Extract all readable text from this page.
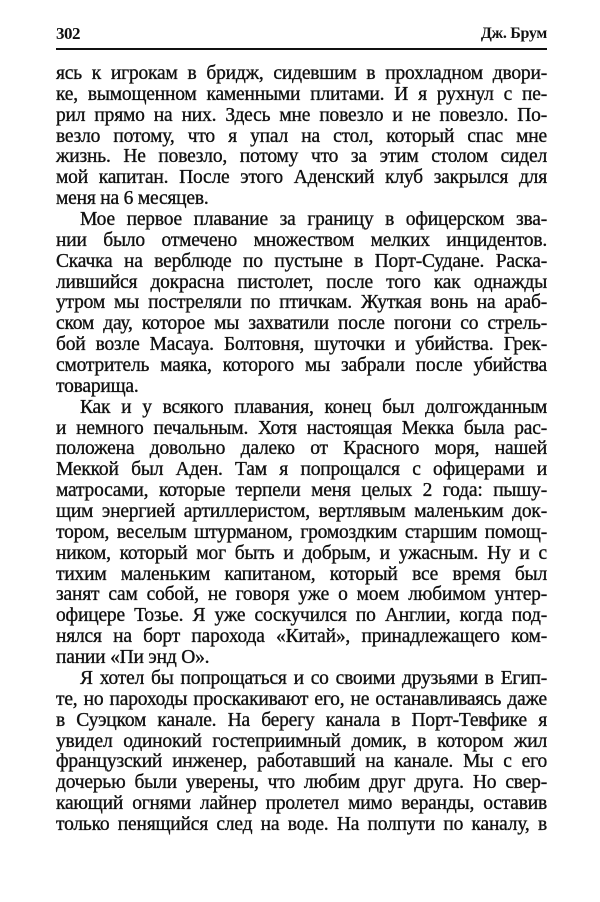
302	Дж. Брум
ясь к игрокам в бридж, сидевшим в прохладном двори-
ке, вымощенном каменными плитами. И я рухнул с пе-
рил прямо на них. Здесь мне повезло и не повезло. По-
везло потому, что я упал на стол, который спас мне
жизнь. Не повезло, потому что за этим столом сидел
мой капитан. После этого Аденский клуб закрылся для
меня на 6 месяцев.
Мое первое плавание за границу в офицерском зва-
нии было отмечено множеством мелких инцидентов.
Скачка на верблюде по пустыне в Порт-Судане. Раска-
лившийся докрасна пистолет, после того как однажды
утром мы постреляли по птичкам. Жуткая вонь на араб-
ском дау, которое мы захватили после погони со стрель-
бой возле Масауа. Болтовня, шуточки и убийства. Грек-
смотритель маяка, которого мы забрали после убийства
товарища.
Как и у всякого плавания, конец был долгожданным
и немного печальным. Хотя настоящая Мекка была рас-
положена довольно далеко от Красного моря, нашей
Меккой был Аден. Там я попрощался с офицерами и
матросами, которые терпели меня целых 2 года: пышу-
щим энергией артиллеристом, вертлявым маленьким док-
тором, веселым штурманом, громоздким старшим помощ-
ником, который мог быть и добрым, и ужасным. Ну и с
тихим маленьким капитаном, который все время был
занят сам собой, не говоря уже о моем любимом унтер-
офицере Тозье. Я уже соскучился по Англии, когда под-
нялся на борт парохода «Китай», принадлежащего ком-
пании «Пи энд О».
Я хотел бы попрощаться и со своими друзьями в Егип-
те, но пароходы проскакивают его, не останавливаясь даже
в Суэцком канале. На берегу канала в Порт-Тевфике я
увидел одинокий гостеприимный домик, в котором жил
французский инженер, работавший на канале. Мы с его
дочерью были уверены, что любим друг друга. Но свер-
кающий огнями лайнер пролетел мимо веранды, оставив
только пенящийся след на воде. На полпути по каналу, в
